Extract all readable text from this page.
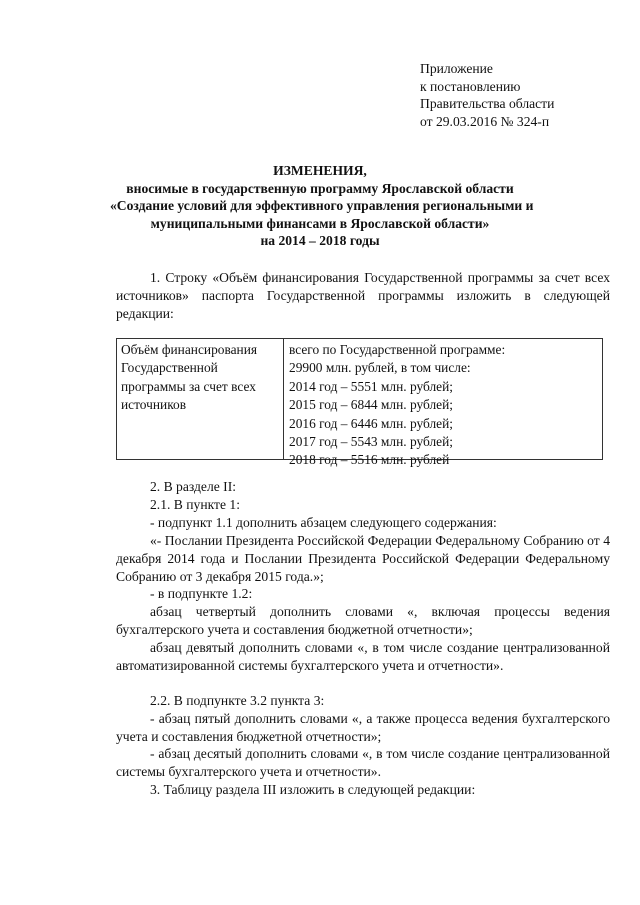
Приложение
к постановлению
Правительства области
от 29.03.2016 № 324-п
ИЗМЕНЕНИЯ,
вносимые в государственную программу Ярославской области
«Создание условий для эффективного управления региональными и
муниципальными финансами в Ярославской области»
на 2014 – 2018 годы
1. Строку «Объём финансирования Государственной программы за счет всех источников» паспорта Государственной программы изложить в следующей редакции:
Объём финансирования Государственной программы за счет всех источников
всего по Государственной программе:
29900 млн. рублей, в том числе:
2014 год – 5551 млн. рублей;
2015 год – 6844 млн. рублей;
2016 год – 6446 млн. рублей;
2017 год – 5543 млн. рублей;
2018 год – 5516 млн. рублей
2. В разделе II:
2.1. В пункте 1:
- подпункт 1.1 дополнить абзацем следующего содержания:
«- Послании Президента Российской Федерации Федеральному Собранию от 4 декабря 2014 года и Послании Президента Российской Федерации Федеральному Собранию от 3 декабря 2015 года.»;
- в подпункте 1.2:
абзац четвертый дополнить словами «, включая процессы ведения бухгалтерского учета и составления бюджетной отчетности»;
абзац девятый дополнить словами «, в том числе создание централизованной автоматизированной системы бухгалтерского учета и отчетности».
2.2. В подпункте 3.2 пункта 3:
- абзац пятый дополнить словами «, а также процесса ведения бухгалтерского учета и составления бюджетной отчетности»;
- абзац десятый дополнить словами «, в том числе создание централизованной системы бухгалтерского учета и отчетности».
3. Таблицу раздела III изложить в следующей редакции:
